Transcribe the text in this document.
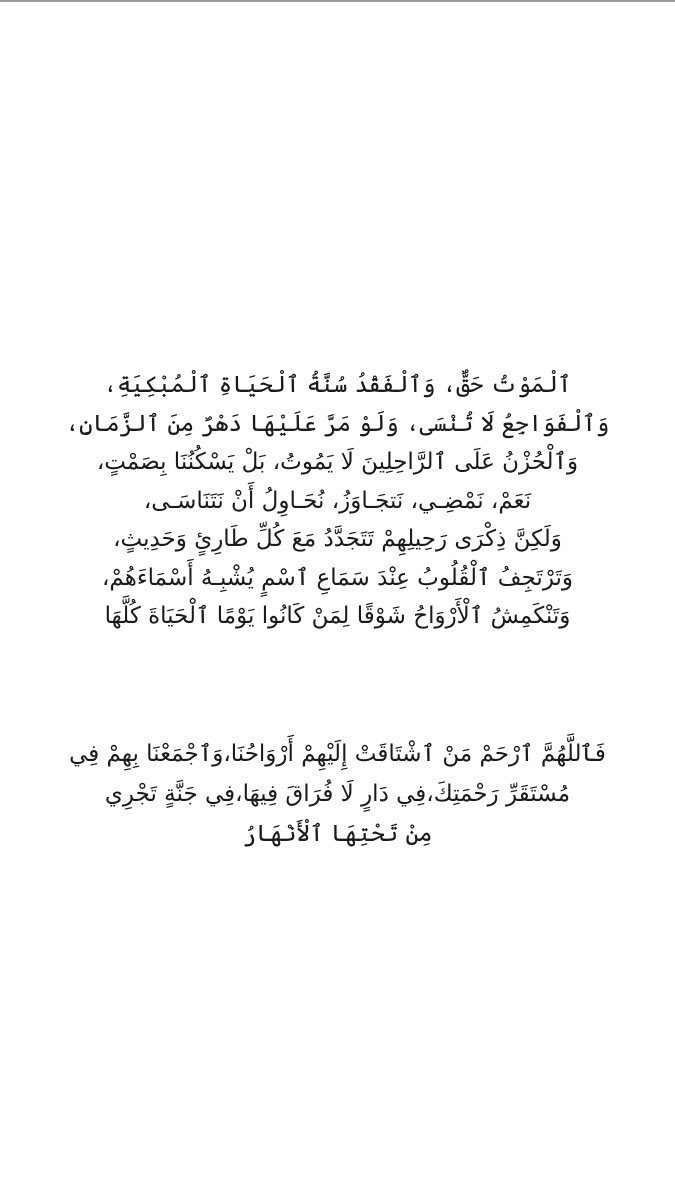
ٱلْمَوْتُ حَقٌّ، وَٱلْفَقْدُ سُنَّةُ ٱلْحَيَاةِ ٱلْمُبْكِيَةِ،
وَٱلْفَوَاجِعُ لَا تُنْسَى، وَلَوْ مَرَّ عَلَيْهَا دَهْرٌ مِنَ ٱلزَّمَانِ،
وَٱلْحُزْنُ عَلَى ٱلرَّاحِلِينَ لَا يَمُوتُ، بَلْ يَسْكُنُنَا بِصَمْتٍ،
نَعَمْ، نَمْضِـي، نَتجَـاوَزُ، نُحَـاوِلُ أَنْ نَتَنَاسَـى،
وَلَكِنَّ ذِكْرَى رَحِيلِهِمْ تَتَجَدَّدُ مَعَ كُلِّ طَارِئٍ وَحَدِيثٍ،
وَتَرْتَجِفُ ٱلْقُلُوبُ عِنْدَ سَمَاعِ ٱسْمٍ يُشْبِـهُ أَسْمَاءَهُمْ،
وَتَنْكَمِشُ ٱلْأَرْوَاحُ شَوْقًا لِمَنْ كَانُوا يَوْمًا ٱلْحَيَاةَ كُلَّهَا
فَٱللَّهُمَّ ٱرْحَمْ مَنْ ٱشْتَاقَتْ إِلَيْهِمْ أَرْوَاحُنَا،وَٱجْمَعْنَا بِهِمْ فِي
مُسْتَقَرِّ رَحْمَتِكَ،فِي دَارٍ لَا فُرَاقَ فِيهَا،فِي جَنَّةٍ تَجْرِي
مِنْ تَحْتِهَا ٱلْأَنْهَارُ
